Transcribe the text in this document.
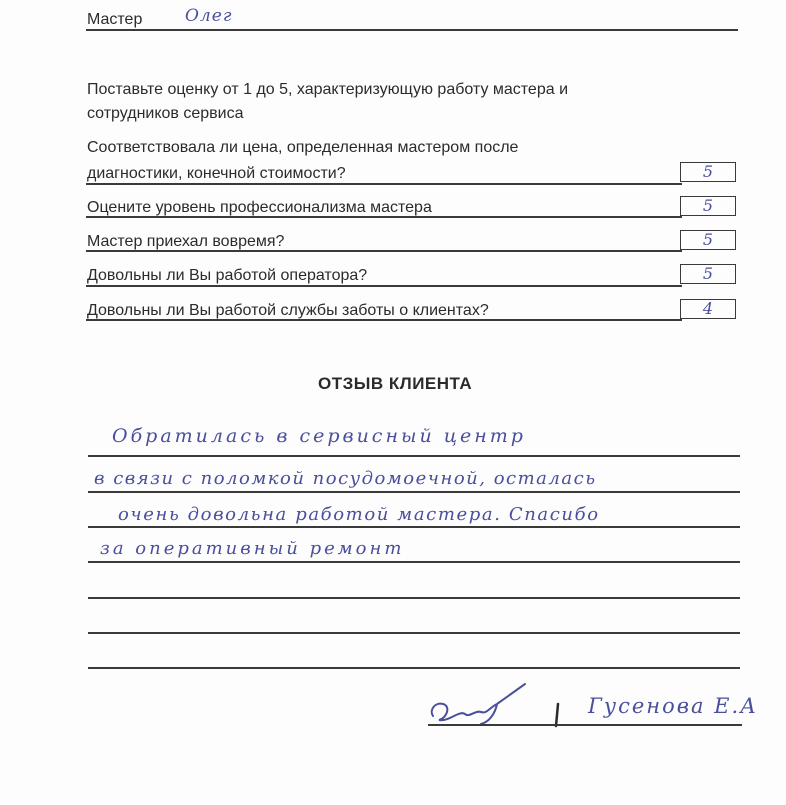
Мастер	Олег
Поставьте оценку от 1 до 5, характеризующую работу мастера и
сотрудников сервиса
Соответствовала ли цена, определенная мастером после
диагностики, конечной стоимости?	5
Оцените уровень профессионализма мастера	5
Мастер приехал вовремя?	5
Довольны ли Вы работой оператора?	5
Довольны ли Вы работой службы заботы о клиентах?	4
ОТЗЫВ КЛИЕНТА
Обратилась в сервисный центр
в связи с поломкой посудомоечной, осталась
очень довольна работой мастера. Спасибо
за оперативный ремонт
Гусенова Е.А
